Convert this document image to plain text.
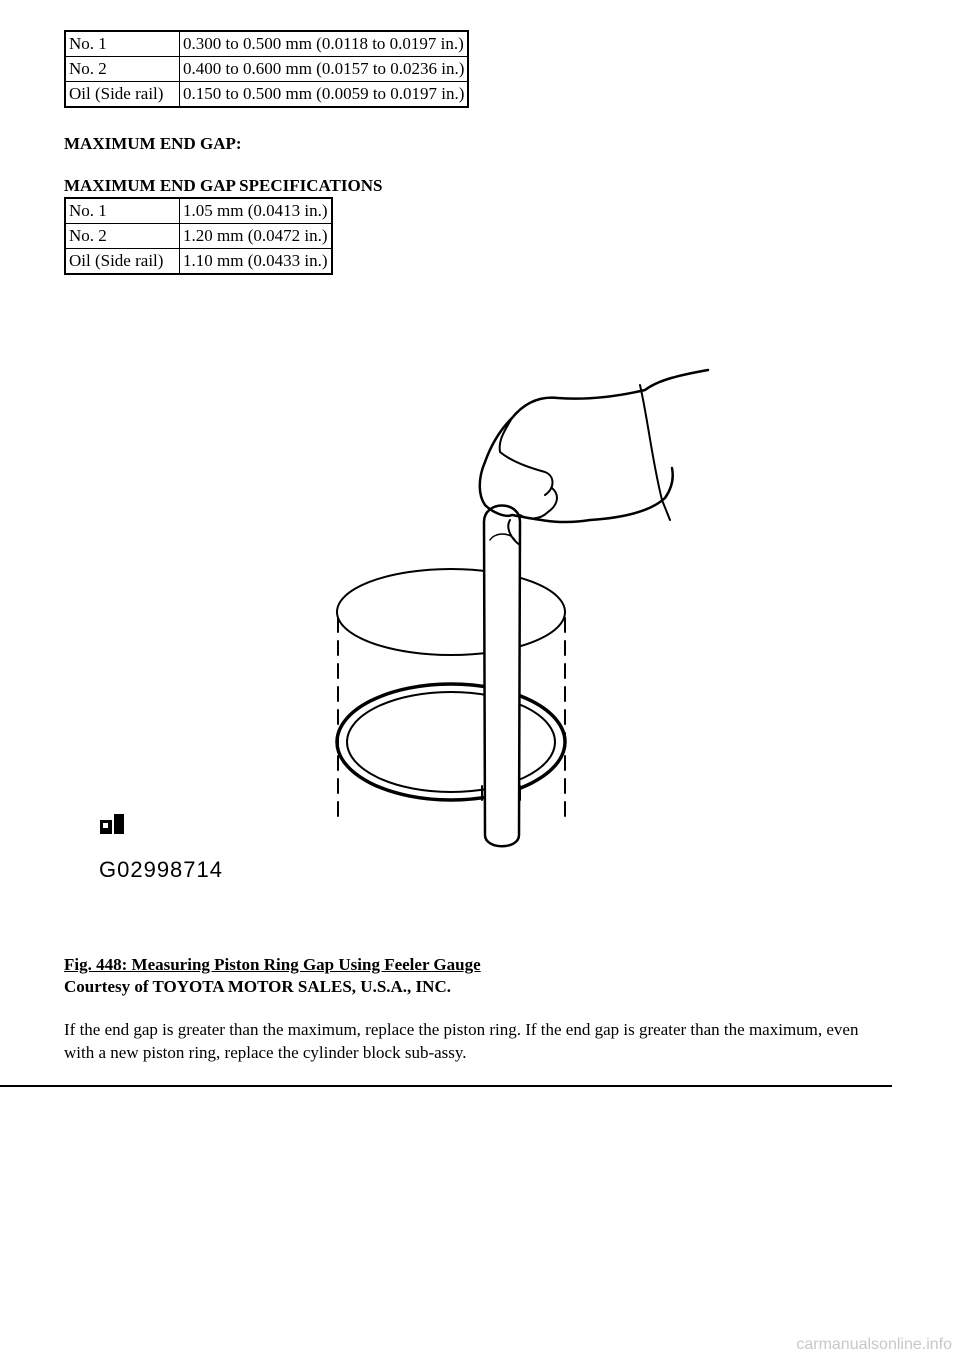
No. 1	0.300 to 0.500 mm (0.0118 to 0.0197 in.)
No. 2	0.400 to 0.600 mm (0.0157 to 0.0236 in.)
Oil (Side rail)	0.150 to 0.500 mm (0.0059 to 0.0197 in.)
MAXIMUM END GAP:
MAXIMUM END GAP SPECIFICATIONS
No. 1	1.05 mm (0.0413 in.)
No. 2	1.20 mm (0.0472 in.)
Oil (Side rail)	1.10 mm (0.0433 in.)
G02998714
Fig. 448: Measuring Piston Ring Gap Using Feeler Gauge
Courtesy of TOYOTA MOTOR SALES, U.S.A., INC.

If the end gap is greater than the maximum, replace the piston ring. If the end gap is greater than the maximum, even with a new piston ring, replace the cylinder block sub-assy.

carmanualsonline.info
